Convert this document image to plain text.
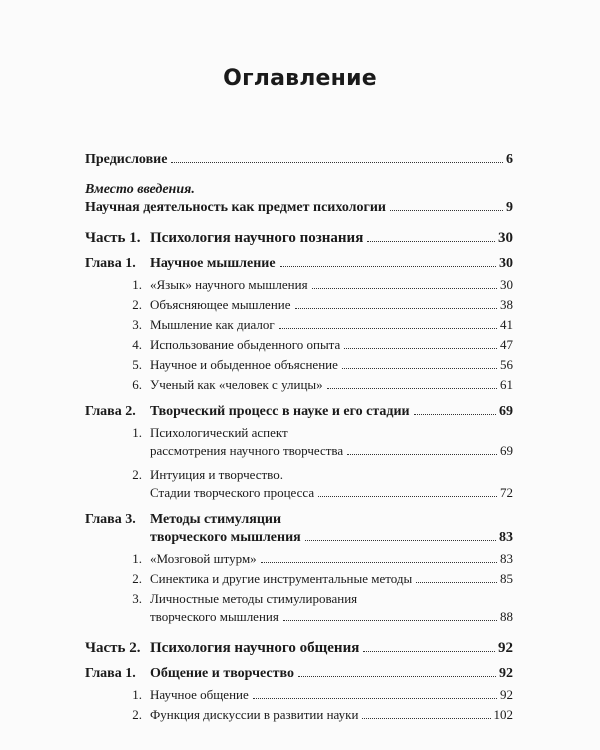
Оглавление
Предисловие	6
Вместо введения.
Научная деятельность как предмет психологии	9
Часть 1. Психология научного познания	30
Глава 1. Научное мышление	30
1. «Язык» научного мышления	30
2. Объясняющее мышление	38
3. Мышление как диалог	41
4. Использование обыденного опыта	47
5. Научное и обыденное объяснение	56
6. Ученый как «человек с улицы»	61
Глава 2. Творческий процесс в науке и его стадии	69
1. Психологический аспект
рассмотрения научного творчества	69
2. Интуиция и творчество.
Стадии творческого процесса	72
Глава 3. Методы стимуляции
творческого мышления	83
1. «Мозговой штурм»	83
2. Синектика и другие инструментальные методы	85
3. Личностные методы стимулирования
творческого мышления	88
Часть 2. Психология научного общения	92
Глава 1. Общение и творчество	92
1. Научное общение	92
2. Функция дискуссии в развитии науки	102
